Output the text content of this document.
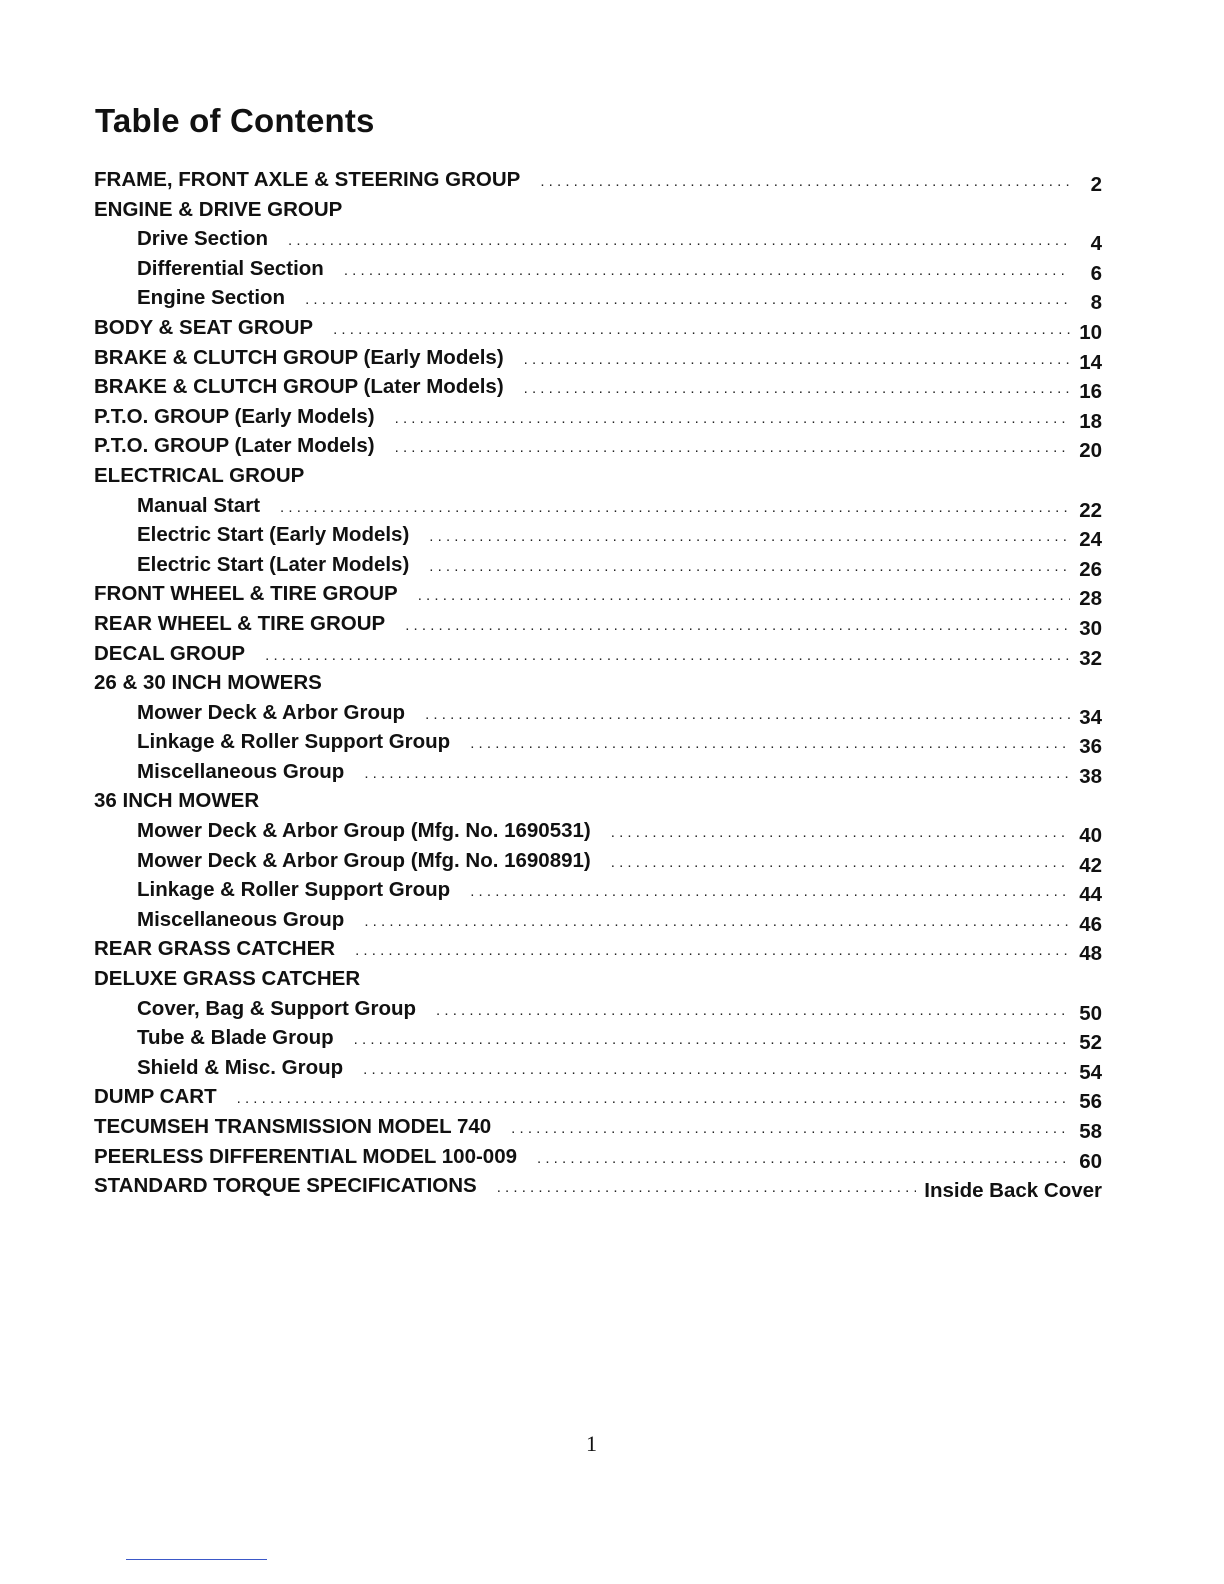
Table of Contents
FRAME, FRONT AXLE & STEERING GROUP . . .	2
ENGINE & DRIVE GROUP
Drive Section . . .	4
Differential Section . . .	6
Engine Section . . .	8
BODY & SEAT GROUP . . .	10
BRAKE & CLUTCH GROUP (Early Models) . . .	14
BRAKE & CLUTCH GROUP (Later Models) . . .	16
P.T.O. GROUP (Early Models) . . .	18
P.T.O. GROUP (Later Models) . . .	20
ELECTRICAL GROUP
Manual Start . . .	22
Electric Start (Early Models) . . .	24
Electric Start (Later Models) . . .	26
FRONT WHEEL & TIRE GROUP . . .	28
REAR WHEEL & TIRE GROUP . . .	30
DECAL GROUP . . .	32
26 & 30 INCH MOWERS
Mower Deck & Arbor Group . . .	34
Linkage & Roller Support Group . . .	36
Miscellaneous Group . . .	38
36 INCH MOWER
Mower Deck & Arbor Group (Mfg. No. 1690531) . . .	40
Mower Deck & Arbor Group (Mfg. No. 1690891) . . .	42
Linkage & Roller Support Group . . .	44
Miscellaneous Group . . .	46
REAR GRASS CATCHER . . .	48
DELUXE GRASS CATCHER
Cover, Bag & Support Group . . .	50
Tube & Blade Group . . .	52
Shield & Misc. Group . . .	54
DUMP CART . . .	56
TECUMSEH TRANSMISSION MODEL 740 . . .	58
PEERLESS DIFFERENTIAL MODEL 100-009 . . .	60
STANDARD TORQUE SPECIFICATIONS . . .	Inside Back Cover
1
